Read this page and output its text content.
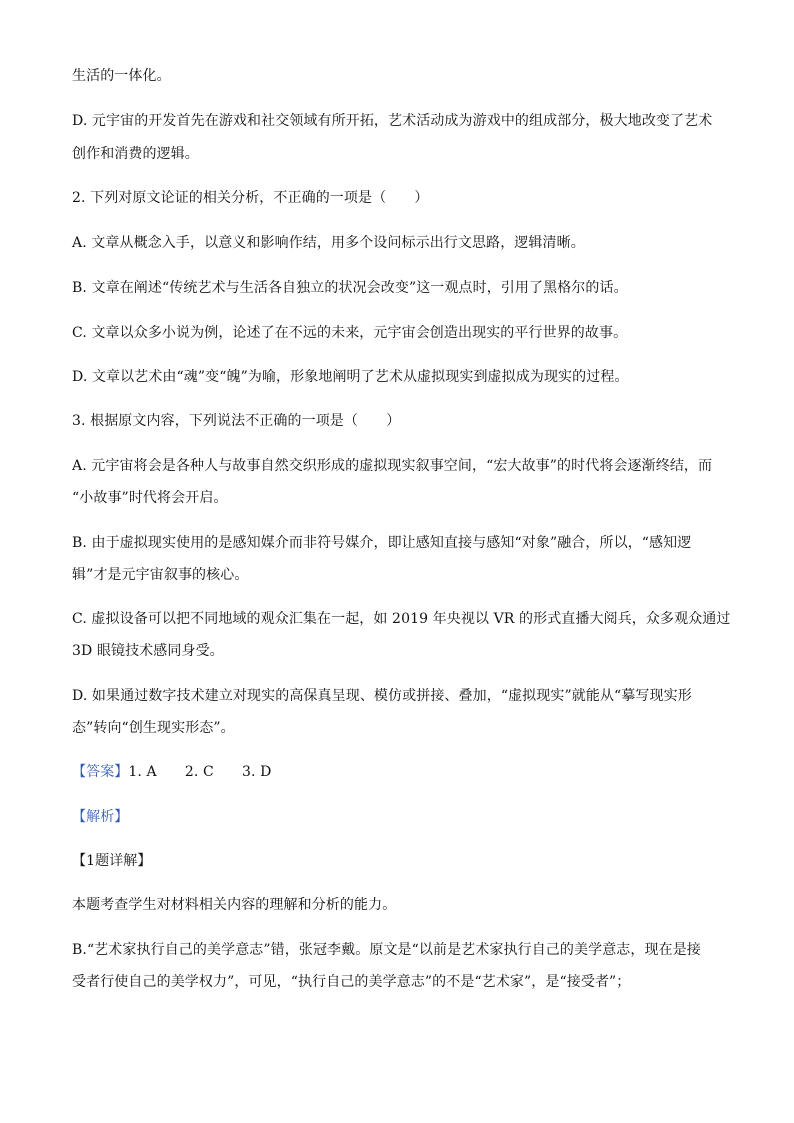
生活的一体化。
D. 元宇宙的开发首先在游戏和社交领域有所开拓，艺术活动成为游戏中的组成部分，极大地改变了艺术
创作和消费的逻辑。
2. 下列对原文论证的相关分析，不正确的一项是（　　）
A. 文章从概念入手，以意义和影响作结，用多个设问标示出行文思路，逻辑清晰。
B. 文章在阐述“传统艺术与生活各自独立的状况会改变”这一观点时，引用了黑格尔的话。
C. 文章以众多小说为例，论述了在不远的未来，元宇宙会创造出现实的平行世界的故事。
D. 文章以艺术由“魂”变“魄”为喻，形象地阐明了艺术从虚拟现实到虚拟成为现实的过程。
3. 根据原文内容，下列说法不正确的一项是（　　）
A. 元宇宙将会是各种人与故事自然交织形成的虚拟现实叙事空间，“宏大故事”的时代将会逐渐终结，而
“小故事”时代将会开启。
B. 由于虚拟现实使用的是感知媒介而非符号媒介，即让感知直接与感知“对象”融合，所以，“感知逻
辑”才是元宇宙叙事的核心。
C. 虚拟设备可以把不同地域的观众汇集在一起，如 2019 年央视以 VR 的形式直播大阅兵，众多观众通过
3D 眼镜技术感同身受。
D. 如果通过数字技术建立对现实的高保真呈现、模仿或拼接、叠加，“虚拟现实”就能从“摹写现实形
态”转向“创生现实形态”。
【答案】1. A　　2. C　　3. D
【解析】
【1题详解】
本题考查学生对材料相关内容的理解和分析的能力。
B.“艺术家执行自己的美学意志”错，张冠李戴。原文是“以前是艺术家执行自己的美学意志，现在是接
受者行使自己的美学权力”，可见，“执行自己的美学意志”的不是“艺术家”，是“接受者”；
